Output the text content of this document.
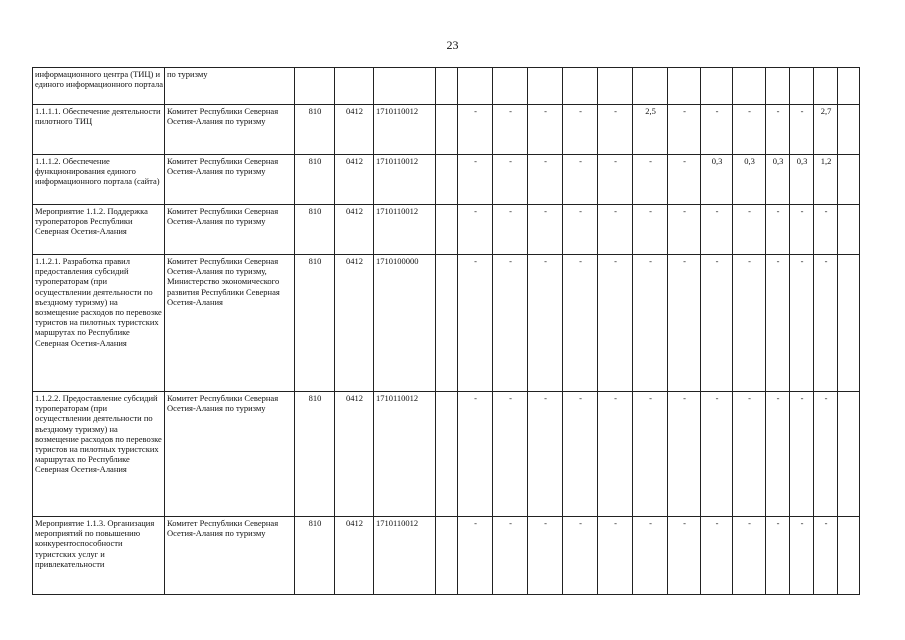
23
информационного центра (ТИЦ) и единого информационного портала	по туризму																	
1.1.1.1. Обеспечение деятельности пилотного ТИЦ	Комитет Республики Северная Осетия-Алания по туризму	810	0412	1710110012		-	-	-	-	-	2,5	-	-	-	-	-	2,7	
1.1.1.2. Обеспечение функционирования единого информационного портала (сайта)	Комитет Республики Северная Осетия-Алания по туризму	810	0412	1710110012		-	-	-	-	-	-	-	0,3	0,3	0,3	0,3	1,2	
Мероприятие 1.1.2. Поддержка туроператоров Республики Северная Осетия-Алания	Комитет Республики Северная Осетия-Алания по туризму	810	0412	1710110012		-	-	-	-	-	-	-	-	-	-	-	-	
1.1.2.1. Разработка правил предоставления субсидий туроператорам (при осуществлении деятельности по въездному туризму) на возмещение расходов по перевозке туристов на пилотных туристских маршрутах по Республике Северная Осетия-Алания	Комитет Республики Северная Осетия-Алания по туризму, Министерство экономического развития Республики Северная Осетия-Алания	810	0412	1710100000		-	-	-	-	-	-	-	-	-	-	-	-	
1.1.2.2. Предоставление субсидий туроператорам (при осуществлении деятельности по въездному туризму) на возмещение расходов по перевозке туристов на пилотных туристских маршрутах по Республике Северная Осетия-Алания	Комитет Республики Северная Осетия-Алания по туризму	810	0412	1710110012		-	-	-	-	-	-	-	-	-	-	-	-	
Мероприятие 1.1.3. Организация мероприятий по повышению конкурентоспособности туристских услуг и привлекательности	Комитет Республики Северная Осетия-Алания по туризму	810	0412	1710110012		-	-	-	-	-	-	-	-	-	-	-	-	
